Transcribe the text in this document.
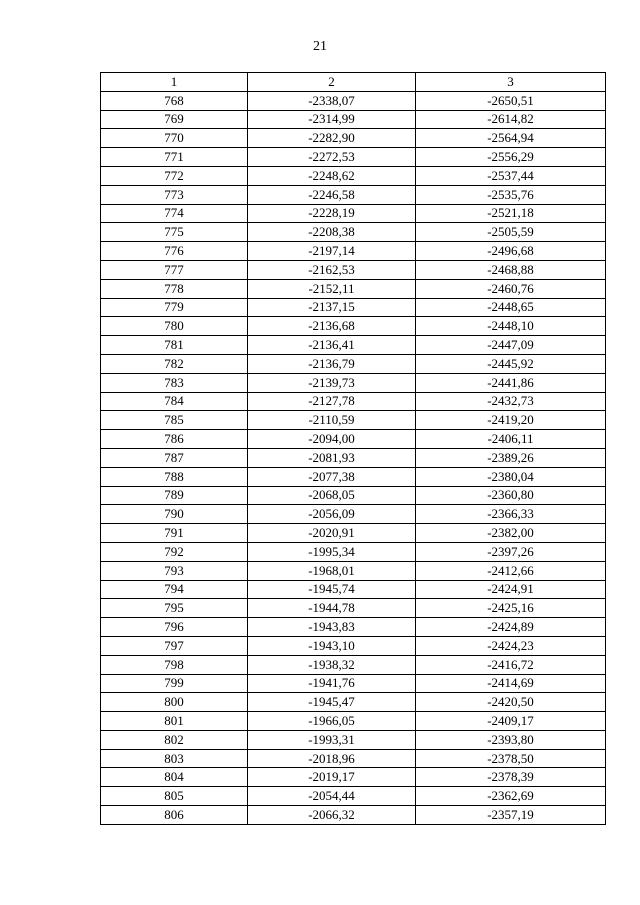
21
1	2	3
768	-2338,07	-2650,51
769	-2314,99	-2614,82
770	-2282,90	-2564,94
771	-2272,53	-2556,29
772	-2248,62	-2537,44
773	-2246,58	-2535,76
774	-2228,19	-2521,18
775	-2208,38	-2505,59
776	-2197,14	-2496,68
777	-2162,53	-2468,88
778	-2152,11	-2460,76
779	-2137,15	-2448,65
780	-2136,68	-2448,10
781	-2136,41	-2447,09
782	-2136,79	-2445,92
783	-2139,73	-2441,86
784	-2127,78	-2432,73
785	-2110,59	-2419,20
786	-2094,00	-2406,11
787	-2081,93	-2389,26
788	-2077,38	-2380,04
789	-2068,05	-2360,80
790	-2056,09	-2366,33
791	-2020,91	-2382,00
792	-1995,34	-2397,26
793	-1968,01	-2412,66
794	-1945,74	-2424,91
795	-1944,78	-2425,16
796	-1943,83	-2424,89
797	-1943,10	-2424,23
798	-1938,32	-2416,72
799	-1941,76	-2414,69
800	-1945,47	-2420,50
801	-1966,05	-2409,17
802	-1993,31	-2393,80
803	-2018,96	-2378,50
804	-2019,17	-2378,39
805	-2054,44	-2362,69
806	-2066,32	-2357,19
